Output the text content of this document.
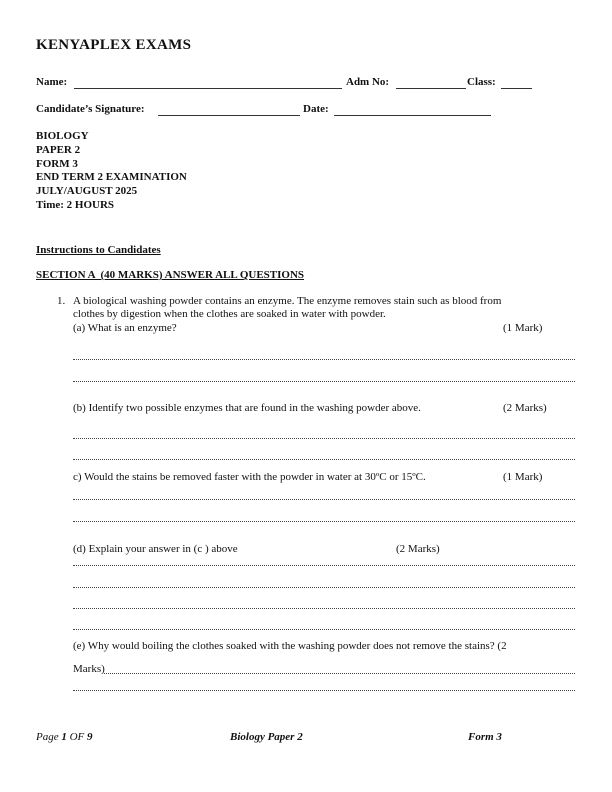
KENYAPLEX EXAMS
Name:	Adm No:	Class:
Candidate’s Signature:	Date:
BIOLOGY
PAPER 2
FORM 3
END TERM 2 EXAMINATION
JULY/AUGUST 2025
Time: 2 HOURS
Instructions to Candidates
SECTION A  (40 MARKS) ANSWER ALL QUESTIONS
1. A biological washing powder contains an enzyme. The enzyme removes stain such as blood from
clothes by digestion when the clothes are soaked in water with powder.
(a) What is an enzyme?	(1 Mark)
(b) Identify two possible enzymes that are found in the washing powder above.	(2 Marks)
c) Would the stains be removed faster with the powder in water at 30ºC or 15ºC.	(1 Mark)
(d) Explain your answer in (c ) above	(2 Marks)
(e) Why would boiling the clothes soaked with the washing powder does not remove the stains? (2
Marks)
Page 1 OF 9	Biology Paper 2	Form 3
